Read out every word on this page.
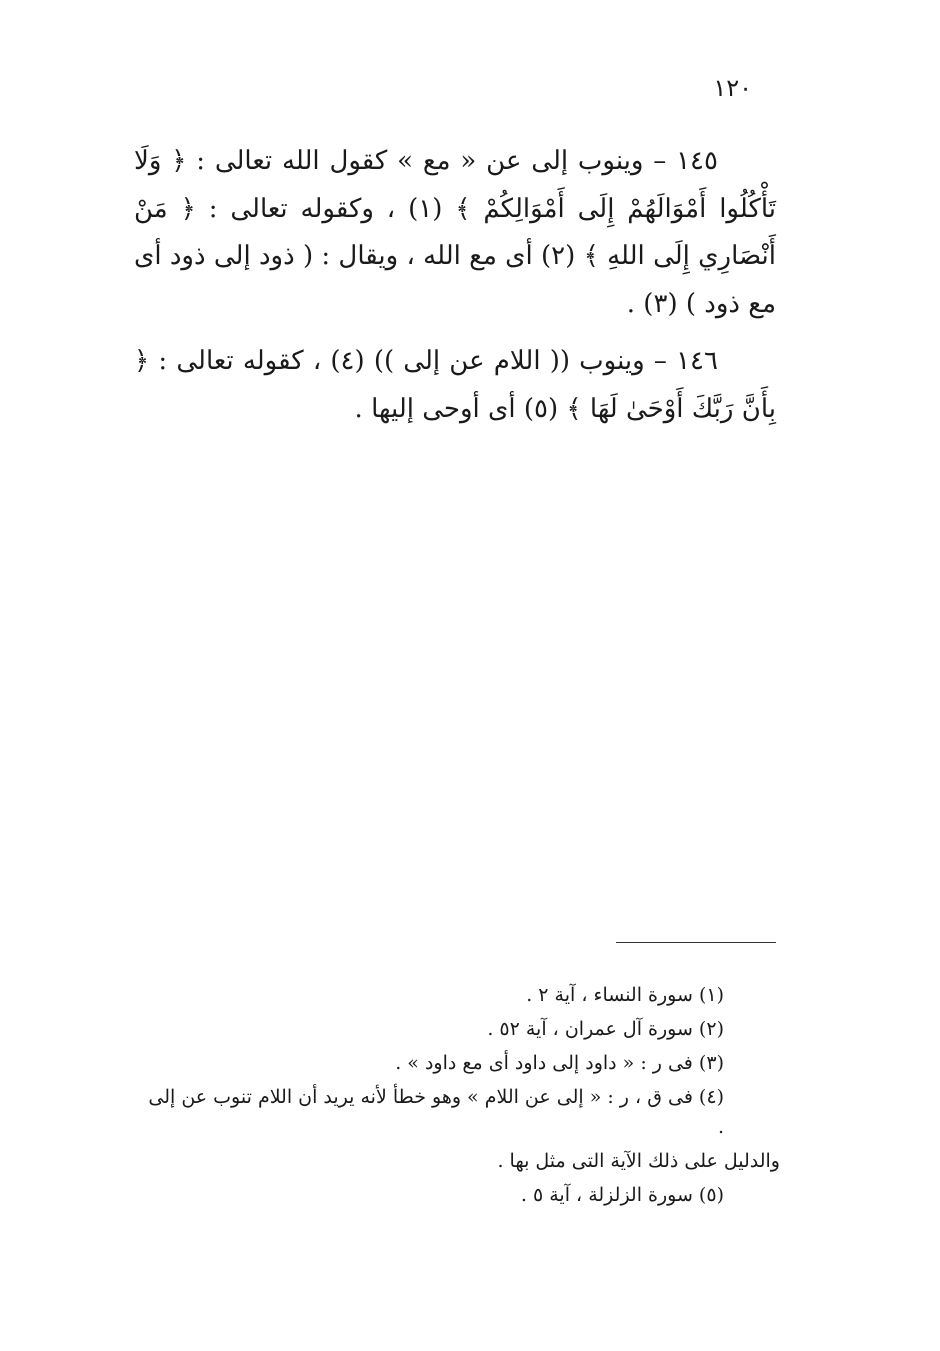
١٢٠

١٤٥ – وينوب إلى عن « مع » كقول الله تعالى : ﴿ وَلَا تَأْكُلُوا أَمْوَالَهُمْ إِلَى أَمْوَالِكُمْ ﴾ (١) ، وكقوله تعالى : ﴿ مَنْ أَنْصَارِي إِلَى اللهِ ﴾ (٢) أى مع الله ، ويقال : ( ذود إلى ذود أى مع ذود ) (٣) .

١٤٦ – وينوب (( اللام عن إلى )) (٤) ، كقوله تعالى : ﴿ بِأَنَّ رَبَّكَ أَوْحَىٰ لَهَا ﴾ (٥) أى أوحى إليها .

(١) سورة النساء ، آية ٢ .

(٢) سورة آل عمران ، آية ٥٢ .

(٣) فى ر : « داود إلى داود أى مع داود » .

(٤) فى ق ، ر : « إلى عن اللام » وهو خطأ لأنه يريد أن اللام تنوب عن إلى .

والدليل على ذلك الآية التى مثل بها .

(٥) سورة الزلزلة ، آية ٥ .
